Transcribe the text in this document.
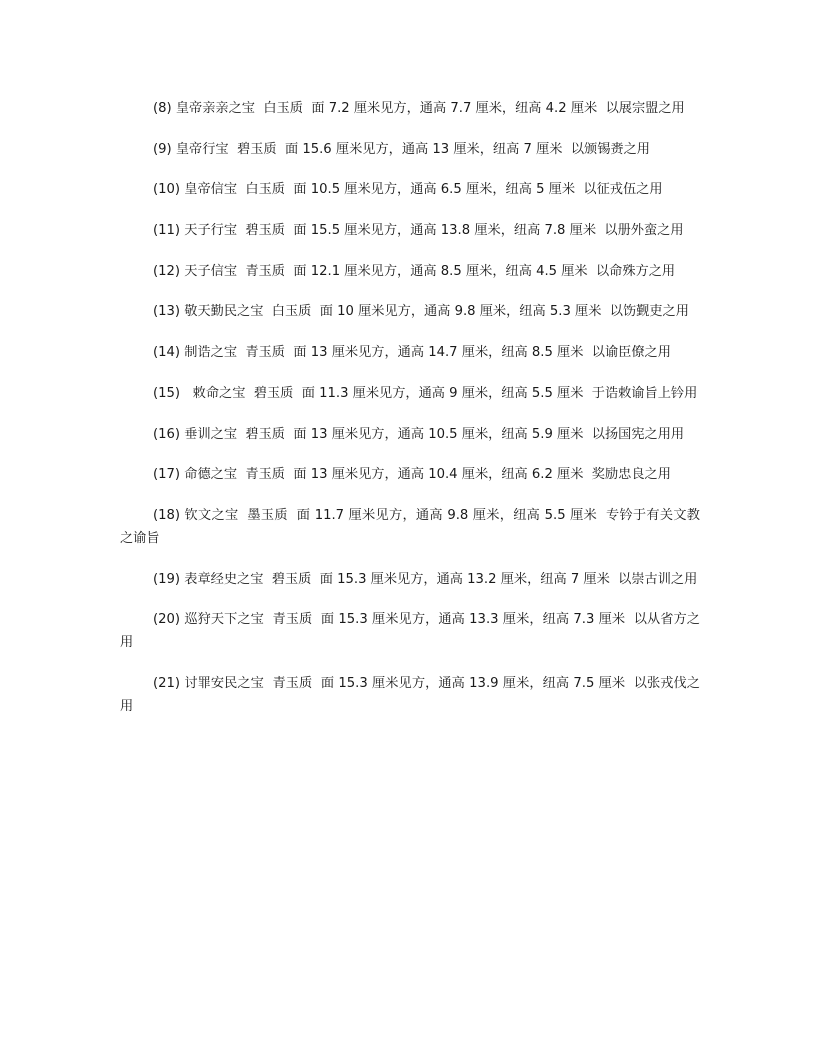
(8) 皇帝亲亲之宝  白玉质  面 7.2 厘米见方，通高 7.7 厘米，纽高 4.2 厘米  以展宗盟之用

(9) 皇帝行宝  碧玉质  面 15.6 厘米见方，通高 13 厘米，纽高 7 厘米  以颁锡赉之用

(10) 皇帝信宝  白玉质  面 10.5 厘米见方，通高 6.5 厘米，纽高 5 厘米  以征戎伍之用

(11) 天子行宝  碧玉质  面 15.5 厘米见方，通高 13.8 厘米，纽高 7.8 厘米  以册外蛮之用

(12) 天子信宝  青玉质  面 12.1 厘米见方，通高 8.5 厘米，纽高 4.5 厘米  以命殊方之用

(13) 敬天勤民之宝  白玉质  面 10 厘米见方，通高 9.8 厘米，纽高 5.3 厘米  以饬觐吏之用

(14) 制诰之宝  青玉质  面 13 厘米见方，通高 14.7 厘米，纽高 8.5 厘米  以谕臣僚之用

(15)   敕命之宝  碧玉质  面 11.3 厘米见方，通高 9 厘米，纽高 5.5 厘米  于诰敕谕旨上钤用

(16) 垂训之宝  碧玉质  面 13 厘米见方，通高 10.5 厘米，纽高 5.9 厘米  以扬国宪之用用

(17) 命德之宝  青玉质  面 13 厘米见方，通高 10.4 厘米，纽高 6.2 厘米  奖励忠良之用

(18) 钦文之宝  墨玉质  面 11.7 厘米见方，通高 9.8 厘米，纽高 5.5 厘米  专钤于有关文教之谕旨

(19) 表章经史之宝  碧玉质  面 15.3 厘米见方，通高 13.2 厘米，纽高 7 厘米  以崇古训之用

(20) 巡狩天下之宝  青玉质  面 15.3 厘米见方，通高 13.3 厘米，纽高 7.3 厘米  以从省方之用

(21) 讨罪安民之宝  青玉质  面 15.3 厘米见方，通高 13.9 厘米，纽高 7.5 厘米  以张戎伐之用
